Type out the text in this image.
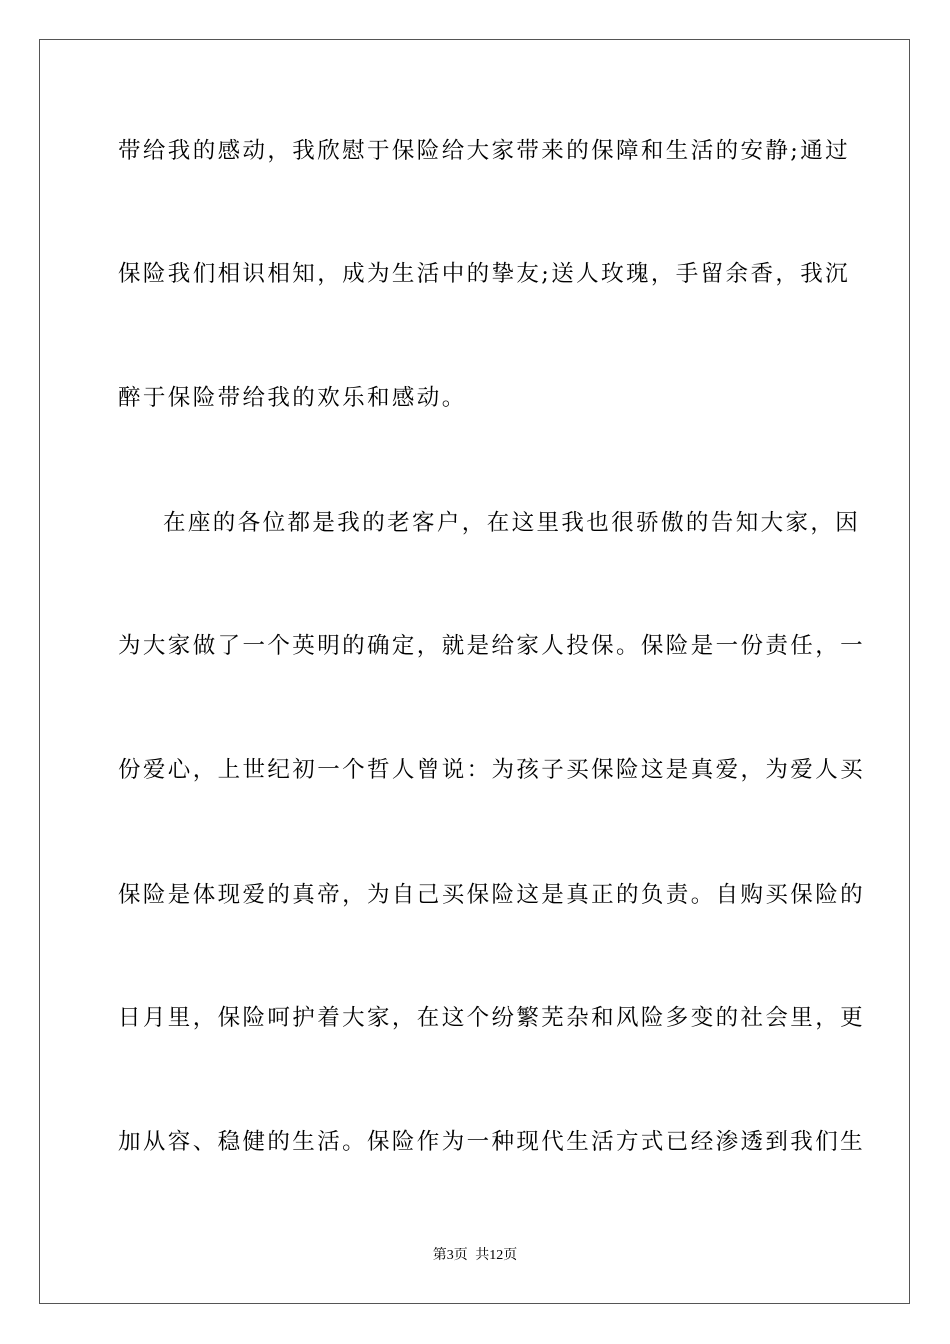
带给我的感动，我欣慰于保险给大家带来的保障和生活的安静;通过
保险我们相识相知，成为生活中的挚友;送人玫瑰，手留余香，我沉
醉于保险带给我的欢乐和感动。
在座的各位都是我的老客户，在这里我也很骄傲的告知大家，因
为大家做了一个英明的确定，就是给家人投保。保险是一份责任，一
份爱心，上世纪初一个哲人曾说：为孩子买保险这是真爱，为爱人买
保险是体现爱的真帝，为自己买保险这是真正的负责。自购买保险的
日月里，保险呵护着大家，在这个纷繁芜杂和风险多变的社会里，更
加从容、稳健的生活。保险作为一种现代生活方式已经渗透到我们生
第3页 共12页
